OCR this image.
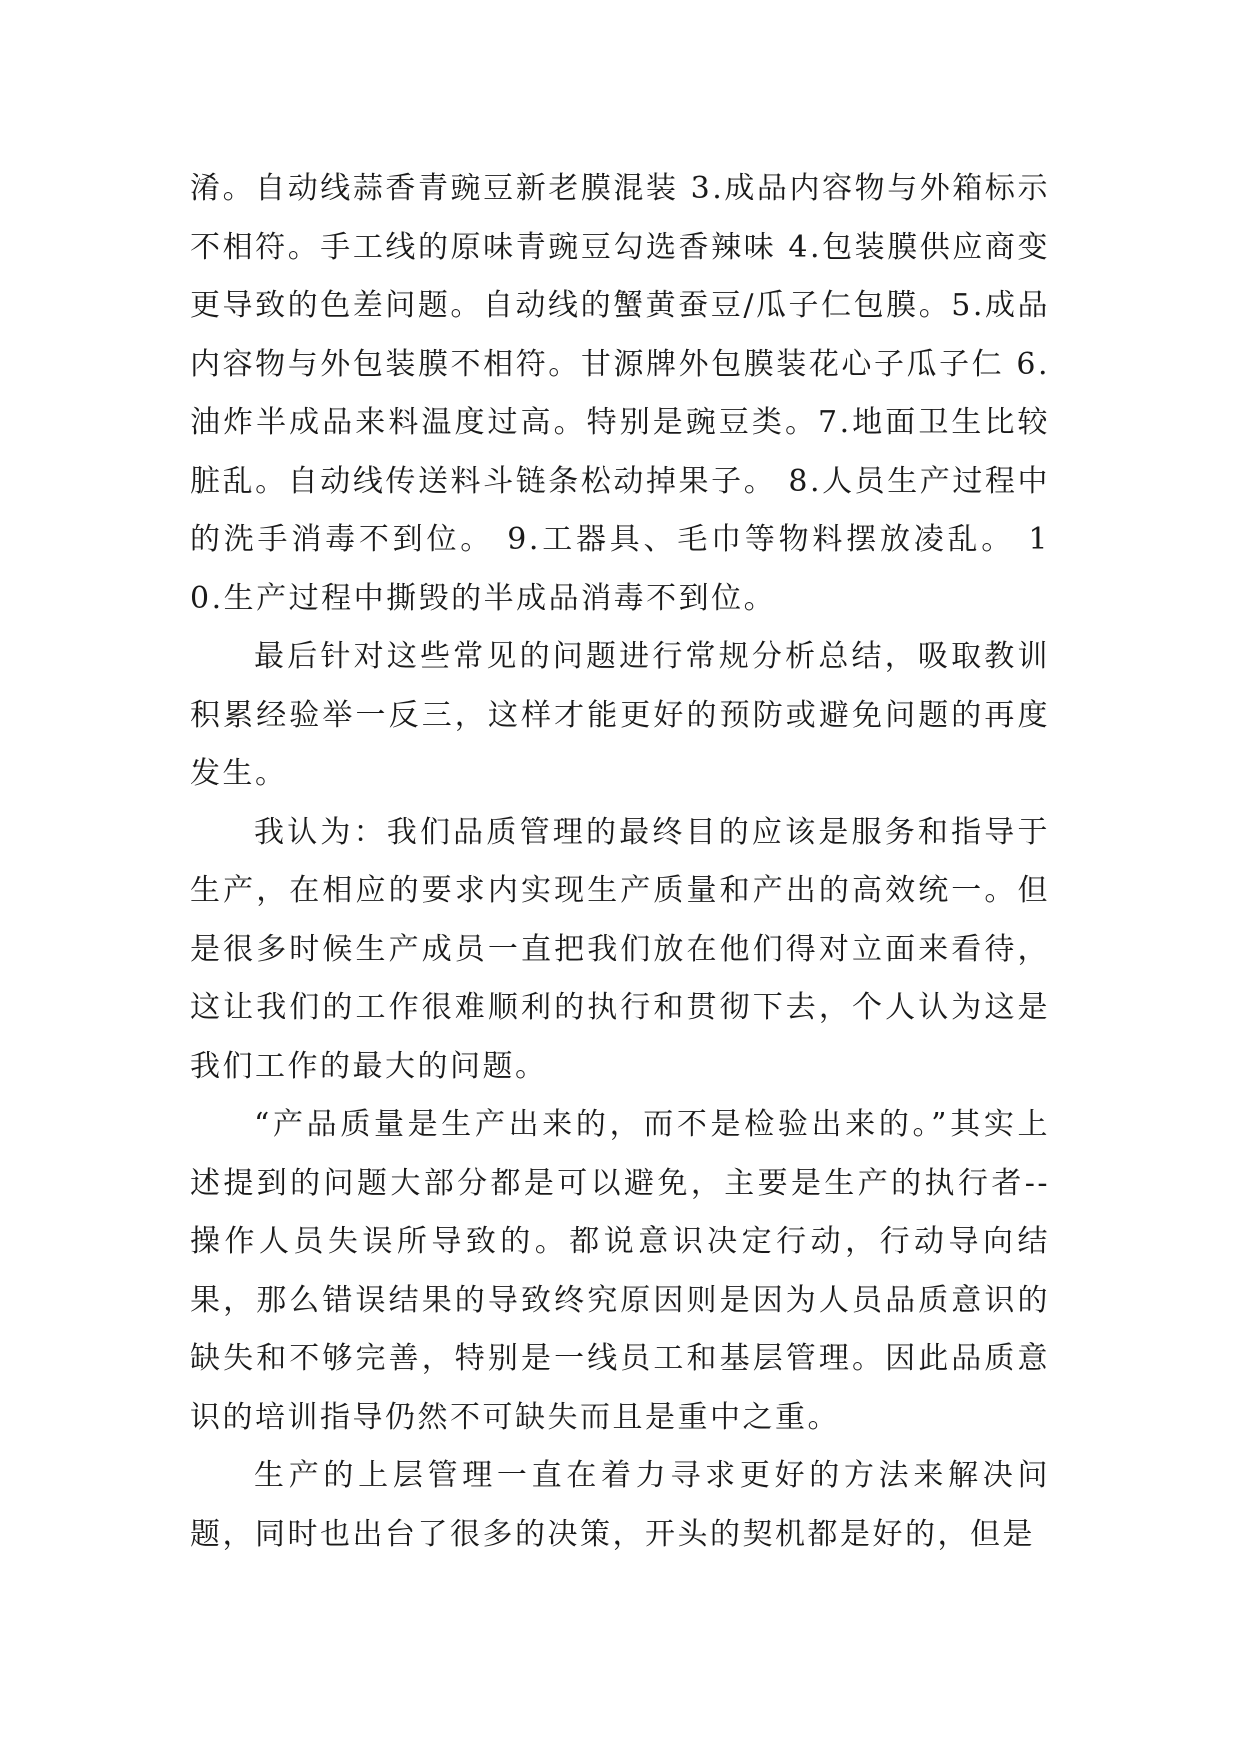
淆。自动线蒜香青豌豆新老膜混装 3.成品内容物与外箱标示不相符。手工线的原味青豌豆勾选香辣味 4.包装膜供应商变更导致的色差问题。自动线的蟹黄蚕豆/瓜子仁包膜。5.成品内容物与外包装膜不相符。甘源牌外包膜装花心子瓜子仁 6.油炸半成品来料温度过高。特别是豌豆类。7.地面卫生比较脏乱。自动线传送料斗链条松动掉果子。 8.人员生产过程中的洗手消毒不到位。 9.工器具、毛巾等物料摆放凌乱。 10.生产过程中撕毁的半成品消毒不到位。

最后针对这些常见的问题进行常规分析总结，吸取教训积累经验举一反三，这样才能更好的预防或避免问题的再度发生。

我认为：我们品质管理的最终目的应该是服务和指导于生产，在相应的要求内实现生产质量和产出的高效统一。但是很多时候生产成员一直把我们放在他们得对立面来看待，这让我们的工作很难顺利的执行和贯彻下去，个人认为这是我们工作的最大的问题。

“产品质量是生产出来的，而不是检验出来的。”其实上述提到的问题大部分都是可以避免，主要是生产的执行者--操作人员失误所导致的。都说意识决定行动，行动导向结果，那么错误结果的导致终究原因则是因为人员品质意识的缺失和不够完善，特别是一线员工和基层管理。因此品质意识的培训指导仍然不可缺失而且是重中之重。

生产的上层管理一直在着力寻求更好的方法来解决问题，同时也出台了很多的决策，开头的契机都是好的，但是
